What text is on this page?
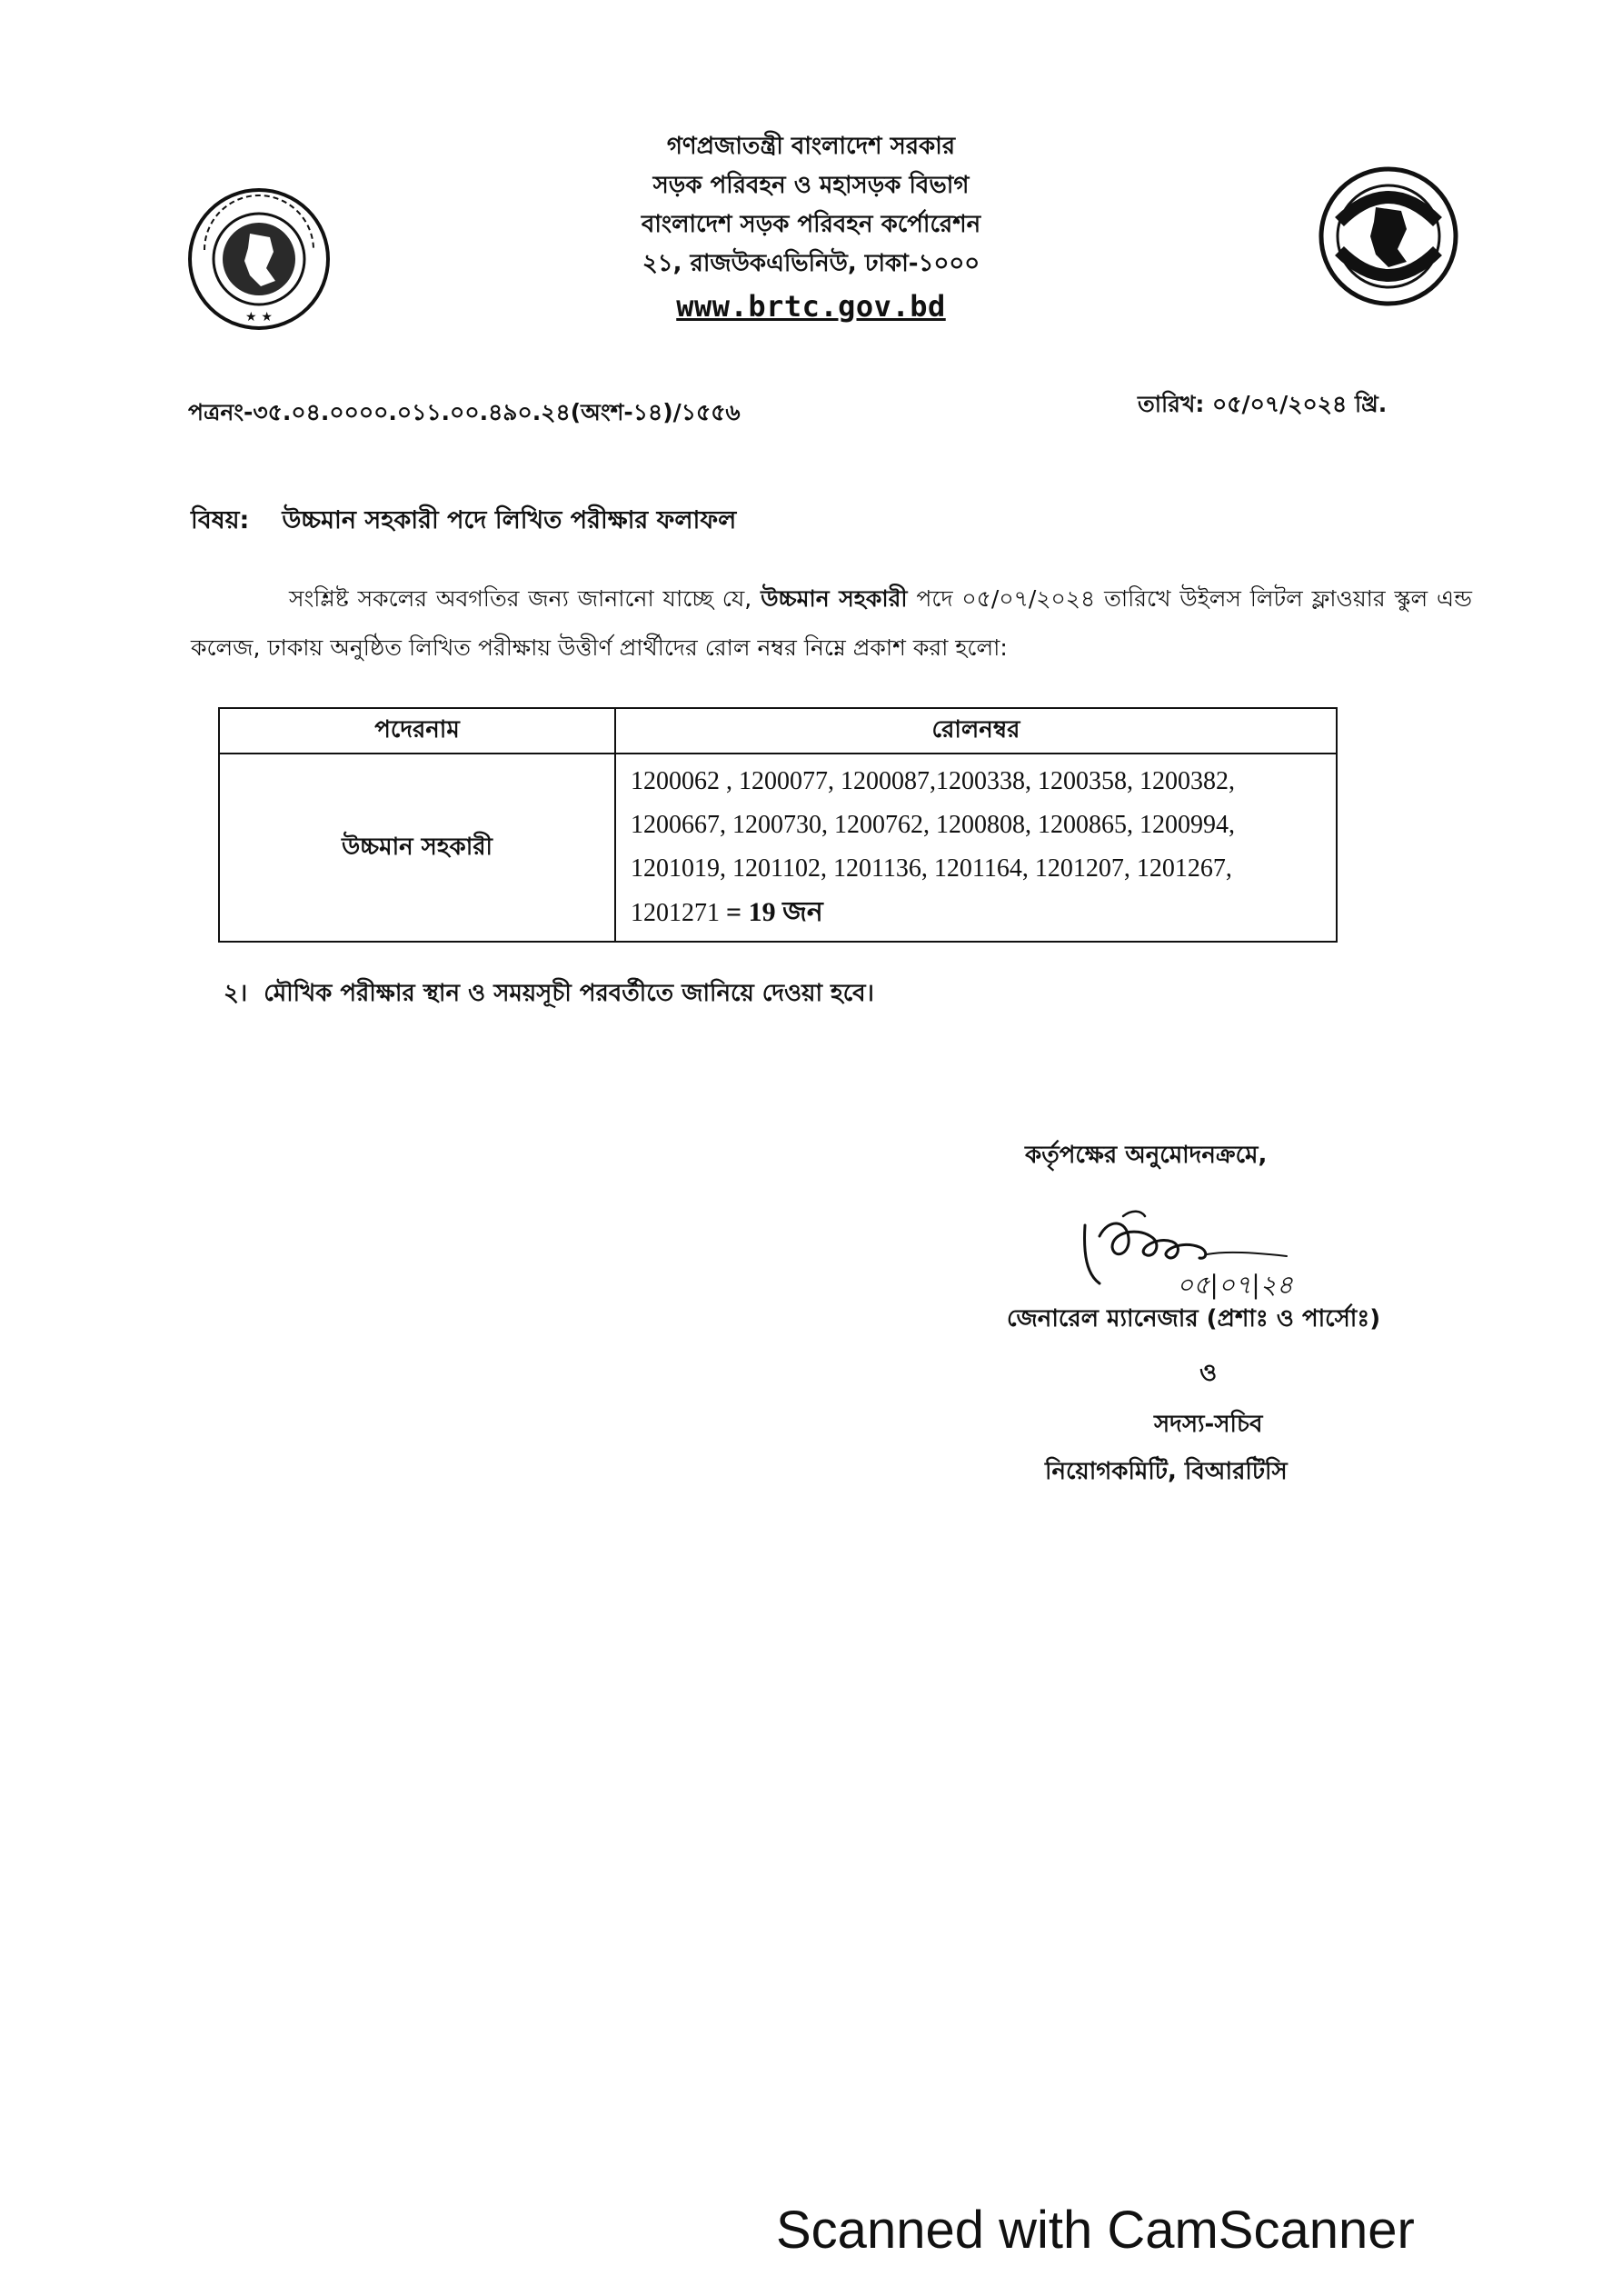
★ ★
গণপ্রজাতন্ত্রী বাংলাদেশ সরকার
সড়ক পরিবহন ও মহাসড়ক বিভাগ
বাংলাদেশ সড়ক পরিবহন কর্পোরেশন
২১, রাজউকএভিনিউ, ঢাকা-১০০০
www.brtc.gov.bd
পত্রনং-৩৫.০৪.০০০০.০১১.০০.৪৯০.২৪(অংশ-১৪)/১৫৫৬	তারিখ: ০৫/০৭/২০২৪ খ্রি.
বিষয়: উচ্চমান সহকারী পদে লিখিত পরীক্ষার ফলাফল
সংশ্লিষ্ট সকলের অবগতির জন্য জানানো যাচ্ছে যে, উচ্চমান সহকারী পদে ০৫/০৭/২০২৪ তারিখে উইলস লিটল ফ্লাওয়ার স্কুল এন্ড কলেজ, ঢাকায় অনুষ্ঠিত লিখিত পরীক্ষায় উত্তীর্ণ প্রার্থীদের রোল নম্বর নিম্নে প্রকাশ করা হলো:
পদেরনাম	রোলনম্বর
উচ্চমান সহকারী	1200062 , 1200077, 1200087,1200338, 1200358, 1200382,
1200667, 1200730, 1200762, 1200808, 1200865, 1200994,
1201019, 1201102, 1201136, 1201164, 1201207, 1201267,
1201271 = 19 জন
২। মৌখিক পরীক্ষার স্থান ও সময়সূচী পরবর্তীতে জানিয়ে দেওয়া হবে।
কর্তৃপক্ষের অনুমোদনক্রমে,
০৫|০৭|২৪
জেনারেল ম্যানেজার (প্রশাঃ ও পার্সোঃ)
ও
সদস্য-সচিব
নিয়োগকমিটি, বিআরটিসি
Scanned with CamScanner
